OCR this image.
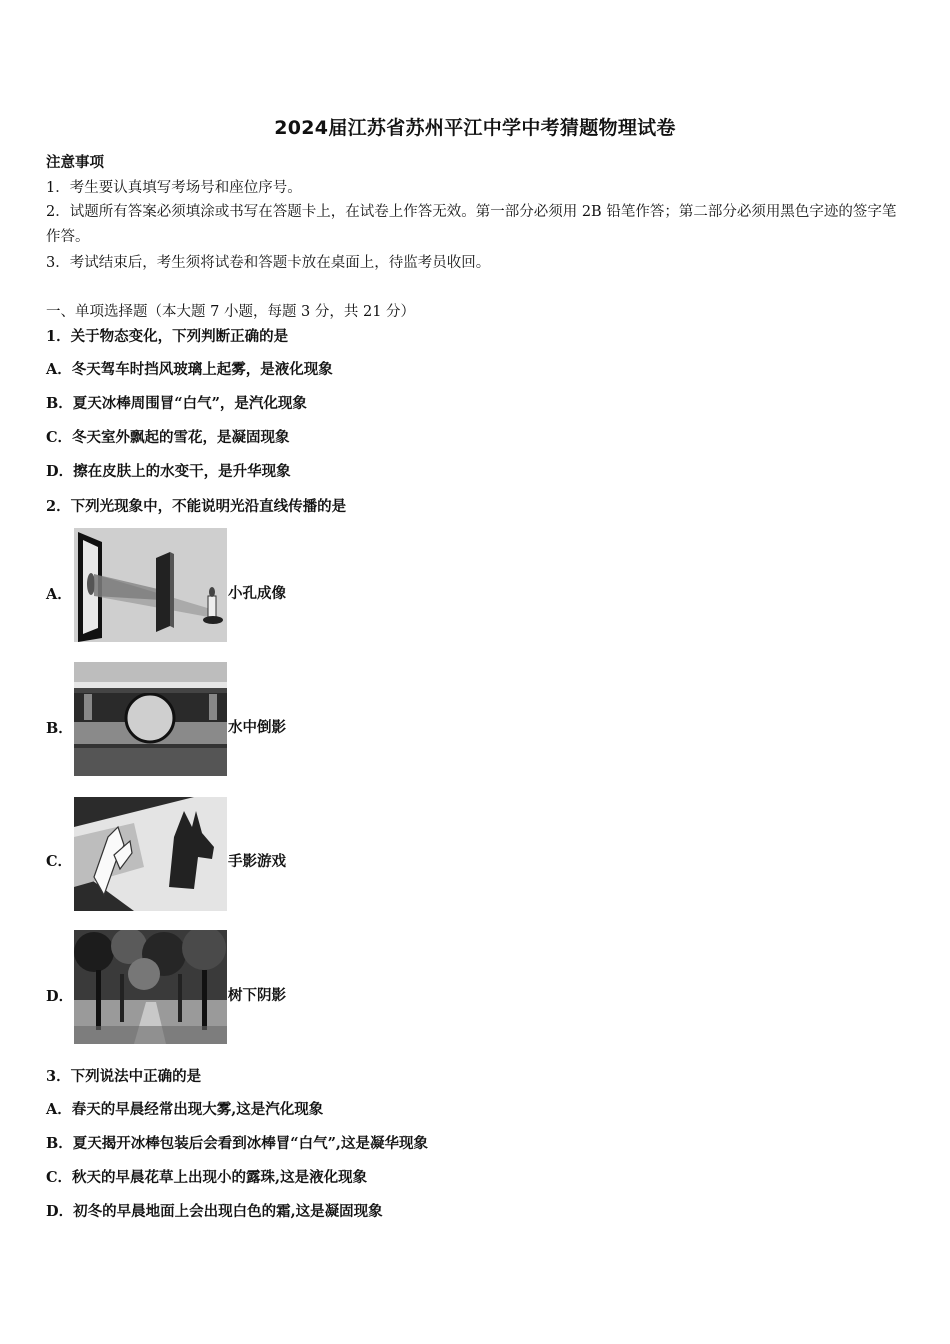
2024届江苏省苏州平江中学中考猜题物理试卷
注意事项
1．考生要认真填写考场号和座位序号。
2．试题所有答案必须填涂或书写在答题卡上，在试卷上作答无效。第一部分必须用 2B 铅笔作答；第二部分必须用黑色字迹的签字笔作答。
3．考试结束后，考生须将试卷和答题卡放在桌面上，待监考员收回。
一、单项选择题（本大题 7 小题，每题 3 分，共 21 分）
1．关于物态变化，下列判断正确的是
A．冬天驾车时挡风玻璃上起雾，是液化现象
B．夏天冰棒周围冒“白气”，是汽化现象
C．冬天室外飘起的雪花，是凝固现象
D．擦在皮肤上的水变干，是升华现象
2．下列光现象中，不能说明光沿直线传播的是
A．	小孔成像
B．	水中倒影
C．	手影游戏
D．	树下阴影
3．下列说法中正确的是
A．春天的早晨经常出现大雾,这是汽化现象
B．夏天揭开冰棒包装后会看到冰棒冒“白气”,这是凝华现象
C．秋天的早晨花草上出现小的露珠,这是液化现象
D．初冬的早晨地面上会出现白色的霜,这是凝固现象
